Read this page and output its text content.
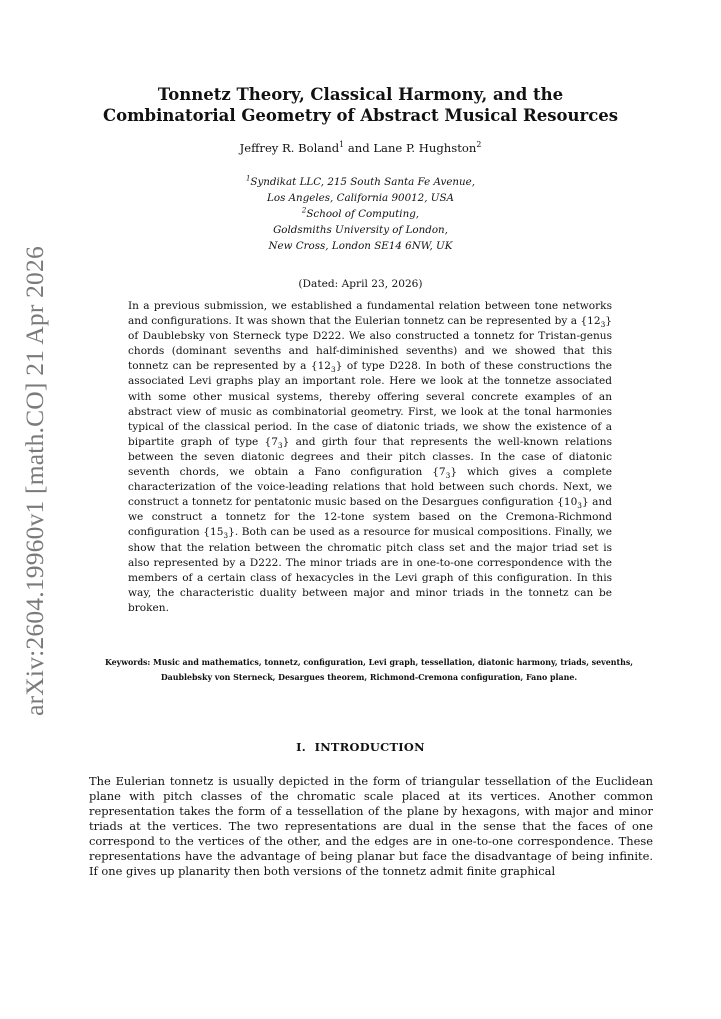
arXiv:2604.19960v1 [math.CO] 21 Apr 2026
Tonnetz Theory, Classical Harmony, and the
Combinatorial Geometry of Abstract Musical Resources
Jeffrey R. Boland$^1$ and Lane P. Hughston$^2$
$^1$Syndikat LLC, 215 South Santa Fe Avenue,
Los Angeles, California 90012, USA
$^2$School of Computing,
Goldsmiths University of London,
New Cross, London SE14 6NW, UK
(Dated: April 23, 2026)
In a previous submission, we established a fundamental relation between tone networks and configurations. It was shown that the Eulerian tonnetz can be represented by a $\{12_3\}$ of Daublebsky von Sterneck type D222. We also constructed a tonnetz for Tristan-genus chords (dominant sevenths and half-diminished sevenths) and we showed that this tonnetz can be represented by a $\{12_3\}$ of type D228. In both of these constructions the associated Levi graphs play an important role. Here we look at the tonnetze associated with some other musical systems, thereby offering several concrete examples of an abstract view of music as combinatorial geometry. First, we look at the tonal harmonies typical of the classical period. In the case of diatonic triads, we show the existence of a bipartite graph of type $\{7_3\}$ and girth four that represents the well-known relations between the seven diatonic degrees and their pitch classes. In the case of diatonic seventh chords, we obtain a Fano configuration $\{7_3\}$ which gives a complete characterization of the voice-leading relations that hold between such chords. Next, we construct a tonnetz for pentatonic music based on the Desargues configuration $\{10_3\}$ and we construct a tonnetz for the 12-tone system based on the Cremona-Richmond configuration $\{15_3\}$. Both can be used as a resource for musical compositions. Finally, we show that the relation between the chromatic pitch class set and the major triad set is also represented by a D222. The minor triads are in one-to-one correspondence with the members of a certain class of hexacycles in the Levi graph of this configuration. In this way, the characteristic duality between major and minor triads in the tonnetz can be broken.
Keywords: Music and mathematics, tonnetz, configuration, Levi graph, tessellation, diatonic harmony, triads, sevenths, Daublebsky von Sterneck, Desargues theorem, Richmond-Cremona configuration, Fano plane.
I. INTRODUCTION
The Eulerian tonnetz is usually depicted in the form of triangular tessellation of the Euclidean plane with pitch classes of the chromatic scale placed at its vertices. Another common representation takes the form of a tessellation of the plane by hexagons, with major and minor triads at the vertices. The two representations are dual in the sense that the faces of one correspond to the vertices of the other, and the edges are in one-to-one correspondence. These representations have the advantage of being planar but face the disadvantage of being infinite. If one gives up planarity then both versions of the tonnetz admit finite graphical
